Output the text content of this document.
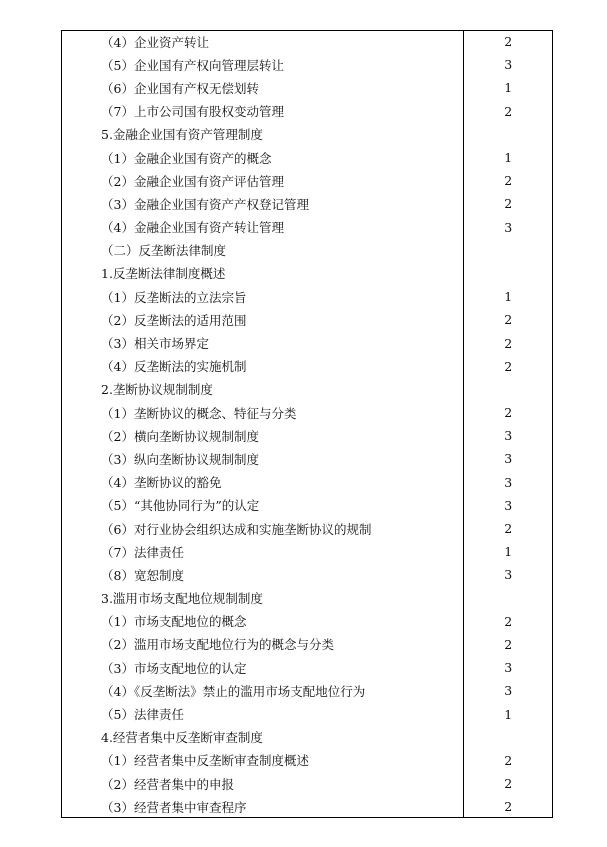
（4）企业资产转让	2
（5）企业国有产权向管理层转让	3
（6）企业国有产权无偿划转	1
（7）上市公司国有股权变动管理	2
5.金融企业国有资产管理制度	
（1）金融企业国有资产的概念	1
（2）金融企业国有资产评估管理	2
（3）金融企业国有资产产权登记管理	2
（4）金融企业国有资产转让管理	3
（二）反垄断法律制度	
1.反垄断法律制度概述	
（1）反垄断法的立法宗旨	1
（2）反垄断法的适用范围	2
（3）相关市场界定	2
（4）反垄断法的实施机制	2
2.垄断协议规制制度	
（1）垄断协议的概念、特征与分类	2
（2）横向垄断协议规制制度	3
（3）纵向垄断协议规制制度	3
（4）垄断协议的豁免	3
（5）“其他协同行为”的认定	3
（6）对行业协会组织达成和实施垄断协议的规制	2
（7）法律责任	1
（8）宽恕制度	3
3.滥用市场支配地位规制制度	
（1）市场支配地位的概念	2
（2）滥用市场支配地位行为的概念与分类	2
（3）市场支配地位的认定	3
（4）《反垄断法》禁止的滥用市场支配地位行为	3
（5）法律责任	1
4.经营者集中反垄断审查制度	
（1）经营者集中反垄断审查制度概述	2
（2）经营者集中的申报	2
（3）经营者集中审查程序	2
